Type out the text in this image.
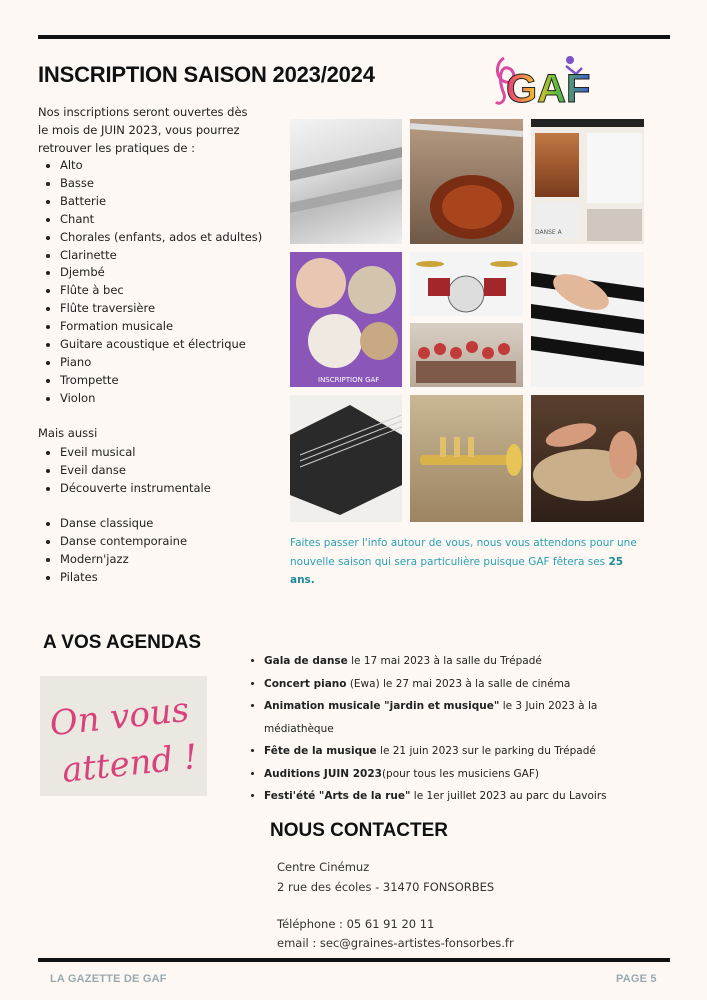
INSCRIPTION SAISON 2023/2024	GAF

Nos inscriptions seront ouvertes dès le mois de JUIN 2023, vous pourrez retrouver les pratiques de :

• Alto
• Basse
• Batterie
• Chant
• Chorales (enfants, ados et adultes)
• Clarinette
• Djembé
• Flûte à bec
• Flûte traversière
• Formation musicale
• Guitare acoustique et électrique
• Piano
• Trompette
• Violon

Mais aussi

• Eveil musical
• Eveil danse
• Découverte instrumentale
• Danse classique
• Danse contemporaine
• Modern'jazz
• Pilates
DANSE A
INSCRIPTION GAF

Faites passer l'info autour de vous, nous vous attendons pour une nouvelle saison qui sera particulière puisque GAF fêtera ses 25 ans.

A VOS AGENDAS
On vous
attend !
• Gala de danse le 17 mai 2023 à la salle du Trépadé
• Concert piano (Ewa) le 27 mai 2023 à la salle de cinéma
• Animation musicale "jardin et musique" le 3 Juin 2023 à la médiathèque
• Fête de la musique le 21 juin 2023 sur le parking du Trépadé
• Auditions JUIN 2023(pour tous les musiciens GAF)
• Festi'été "Arts de la rue" le 1er juillet 2023 au parc du Lavoirs
NOUS CONTACTER

Centre Cinémuz

2 rue des écoles - 31470 FONSORBES

Téléphone : 05 61 91 20 11

email : sec@graines-artistes-fonsorbes.fr

LA GAZETTE DE GAF	PAGE 5
